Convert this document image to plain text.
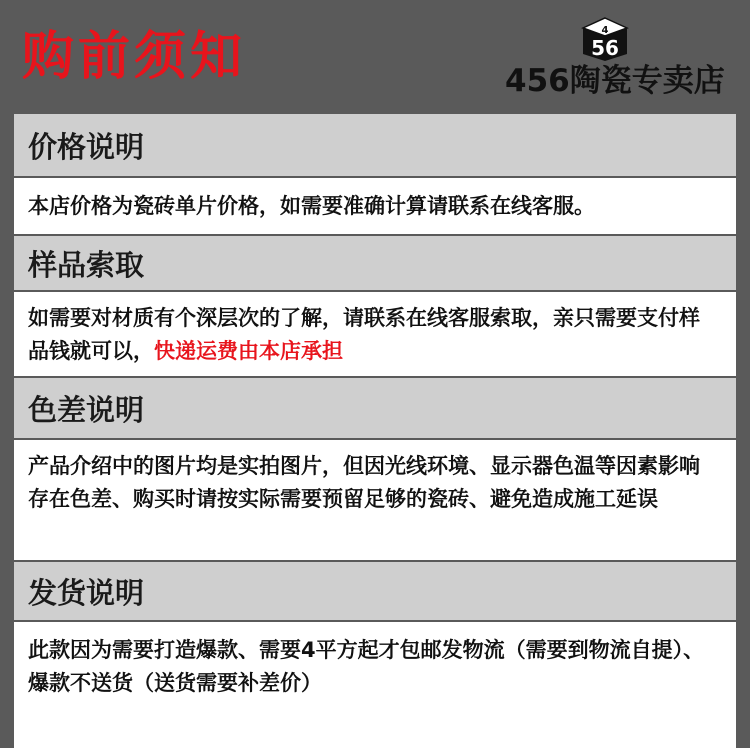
购前须知	4
56
456陶瓷专卖店
价格说明
本店价格为瓷砖单片价格，如需要准确计算请联系在线客服。
样品索取
如需要对材质有个深层次的了解，请联系在线客服索取，亲只需要支付样品钱就可以，快递运费由本店承担
色差说明
产品介绍中的图片均是实拍图片，但因光线环境、显示器色温等因素影响存在色差、购买时请按实际需要预留足够的瓷砖、避免造成施工延误
发货说明
此款因为需要打造爆款、需要4平方起才包邮发物流（需要到物流自提）、爆款不送货（送货需要补差价）
